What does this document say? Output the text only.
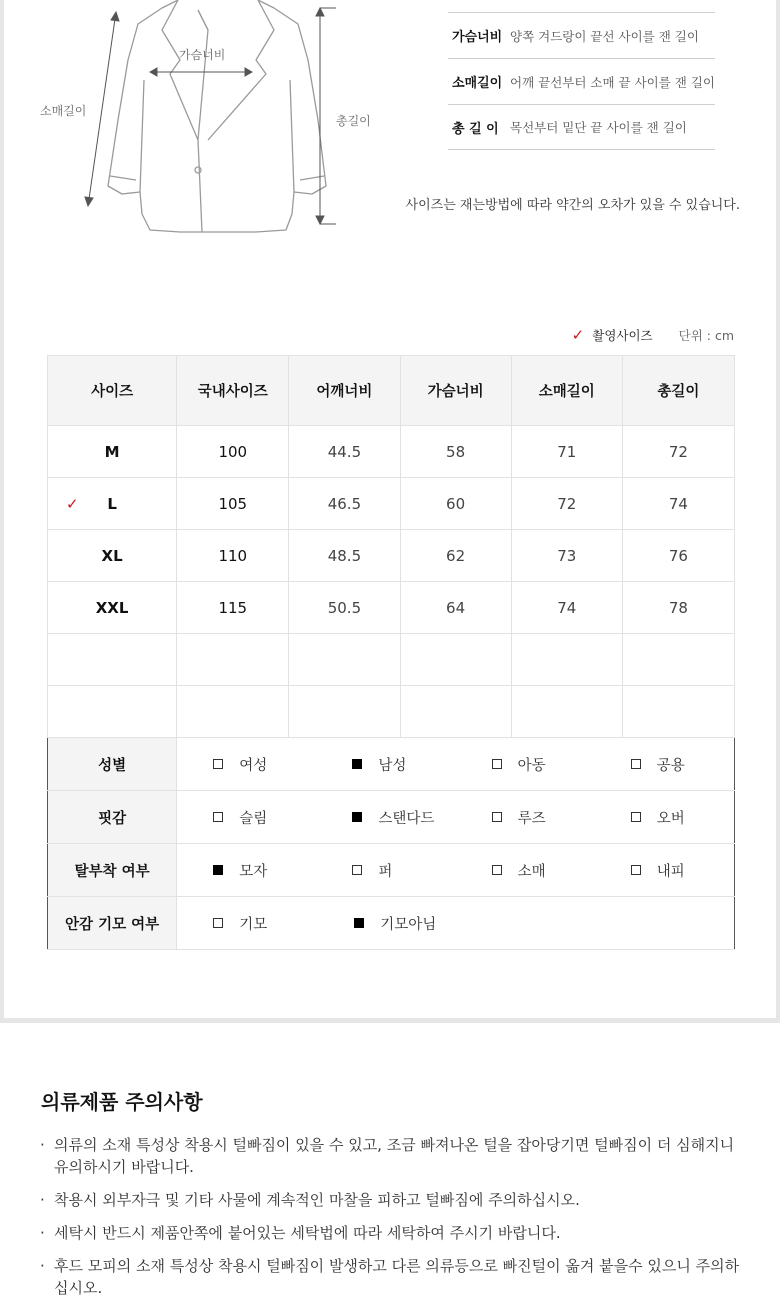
가슴너비
소매길이
총길이
가슴너비 양쪽 겨드랑이 끝선 사이를 잰 길이
소매길이 어깨 끝선부터 소매 끝 사이를 잰 길이
총 길 이 목선부터 밑단 끝 사이를 잰 길이
사이즈는 재는방법에 따라 약간의 오차가 있을 수 있습니다.
✓ 촬영사이즈 단위 : cm
사이즈	국내사이즈	어깨너비	가슴너비	소매길이	총길이
M	100	44.5	58	71	72

✓ L	105	46.5	60	72	74
XL	110	48.5	62	73	76
XXL	115	50.5	64	74	78

성별	여성 남성 아동 공용				

핏감	슬림 스탠다드 루즈 오버				

탈부착 여부	모자 퍼 소매 내피				

안감 기모 여부	기모 기모아님				
의류제품 주의사항
· 의류의 소재 특성상 착용시 털빠짐이 있을 수 있고, 조금 빠져나온 털을 잡아당기면 털빠짐이 더 심해지니 유의하시기 바랍니다.
· 착용시 외부자극 및 기타 사물에 계속적인 마찰을 피하고 털빠짐에 주의하십시오.
· 세탁시 반드시 제품안쪽에 붙어있는 세탁법에 따라 세탁하여 주시기 바랍니다.
· 후드 모피의 소재 특성상 착용시 털빠짐이 발생하고 다른 의류등으로 빠진털이 옮겨 붙을수 있으니 주의하십시오.
